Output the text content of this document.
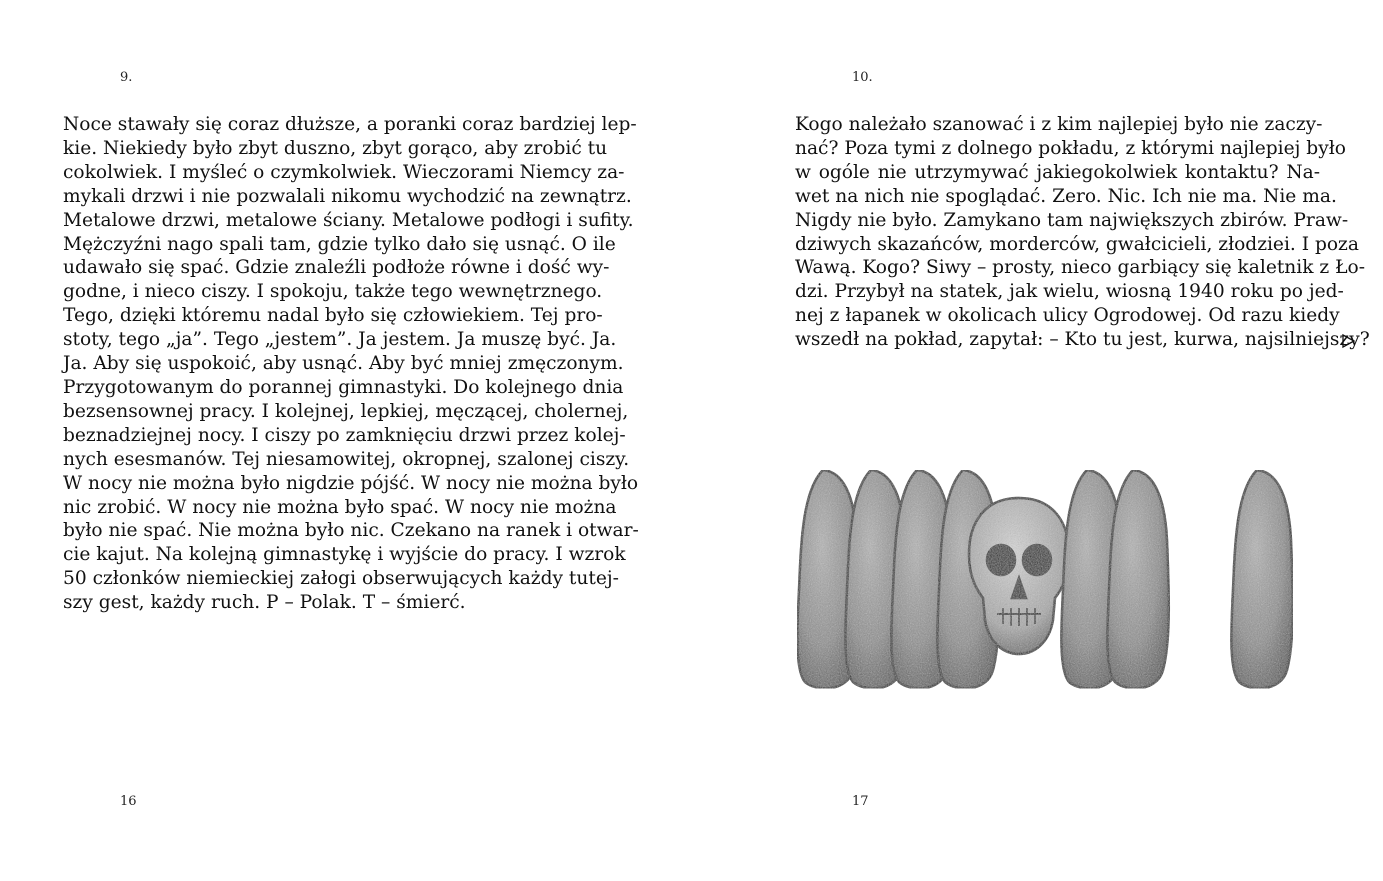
9.

Noce stawały się coraz dłuższe, a poranki coraz bardziej lep-
kie. Niekiedy było zbyt duszno, zbyt gorąco, aby zrobić tu
cokolwiek. I myśleć o czymkolwiek. Wieczorami Niemcy za-
mykali drzwi i nie pozwalali nikomu wychodzić na zewnątrz.
Metalowe drzwi, metalowe ściany. Metalowe podłogi i sufity.
Mężczyźni nago spali tam, gdzie tylko dało się usnąć. O ile
udawało się spać. Gdzie znaleźli podłoże równe i dość wy-
godne, i nieco ciszy. I spokoju, także tego wewnętrznego.
Tego, dzięki któremu nadal było się człowiekiem. Tej pro-
stoty, tego „ja”. Tego „jestem”. Ja jestem. Ja muszę być. Ja.
Ja. Aby się uspokoić, aby usnąć. Aby być mniej zmęczonym.
Przygotowanym do porannej gimnastyki. Do kolejnego dnia
bezsensownej pracy. I kolejnej, lepkiej, męczącej, cholernej,
beznadziejnej nocy. I ciszy po zamknięciu drzwi przez kolej-
nych esesmanów. Tej niesamowitej, okropnej, szalonej ciszy.
W nocy nie można było nigdzie pójść. W nocy nie można było
nic zrobić. W nocy nie można było spać. W nocy nie można
było nie spać. Nie można było nic. Czekano na ranek i otwar-
cie kajut. Na kolejną gimnastykę i wyjście do pracy. I wzrok
50 członków niemieckiej załogi obserwujących każdy tutej-
szy gest, każdy ruch. P – Polak. T – śmierć.

16
10.

Kogo należało szanować i z kim najlepiej było nie zaczy-
nać? Poza tymi z dolnego pokładu, z którymi najlepiej było
w ogóle nie utrzymywać jakiegokolwiek kontaktu? Na-
wet na nich nie spoglądać. Zero. Nic. Ich nie ma. Nie ma.
Nigdy nie było. Zamykano tam największych zbirów. Praw-
dziwych skazańców, morderców, gwałcicieli, złodziei. I poza
Wawą. Kogo? Siwy – prosty, nieco garbiący się kaletnik z Ło-
dzi. Przybył na statek, jak wielu, wiosną 1940 roku po jed-
nej z łapanek w okolicach ulicy Ogrodowej. Od razu kiedy
wszedł na pokład, zapytał: – Kto tu jest, kurwa, najsilniejszy?

17
